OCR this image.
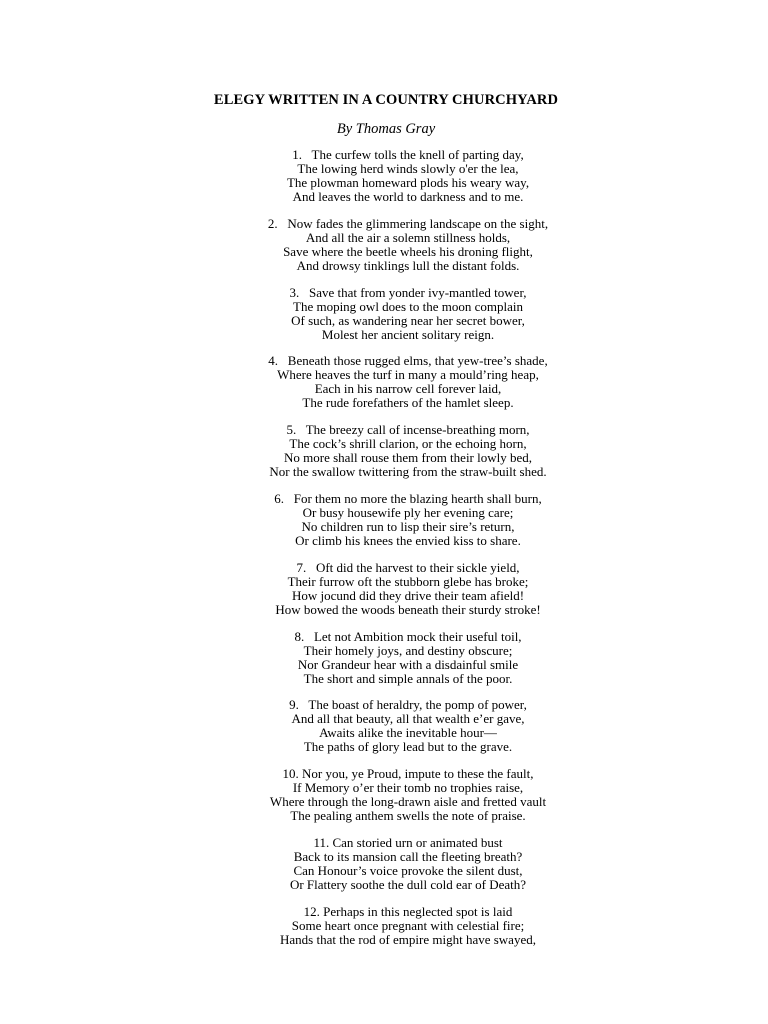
ELEGY WRITTEN IN A COUNTRY CHURCHYARD
By Thomas Gray
1.   The curfew tolls the knell of parting day,
The lowing herd winds slowly o'er the lea,
The plowman homeward plods his weary way,
And leaves the world to darkness and to me.
2.   Now fades the glimmering landscape on the sight,
And all the air a solemn stillness holds,
Save where the beetle wheels his droning flight,
And drowsy tinklings lull the distant folds.
3.   Save that from yonder ivy-mantled tower,
The moping owl does to the moon complain
Of such, as wandering near her secret bower,
Molest her ancient solitary reign.
4.   Beneath those rugged elms, that yew-tree’s shade,
Where heaves the turf in many a mould’ring heap,
Each in his narrow cell forever laid,
The rude forefathers of the hamlet sleep.
5.   The breezy call of incense-breathing morn,
The cock’s shrill clarion, or the echoing horn,
No more shall rouse them from their lowly bed,
Nor the swallow twittering from the straw-built shed.
6.   For them no more the blazing hearth shall burn,
Or busy housewife ply her evening care;
No children run to lisp their sire’s return,
Or climb his knees the envied kiss to share.
7.   Oft did the harvest to their sickle yield,
Their furrow oft the stubborn glebe has broke;
How jocund did they drive their team afield!
How bowed the woods beneath their sturdy stroke!
8.   Let not Ambition mock their useful toil,
Their homely joys, and destiny obscure;
Nor Grandeur hear with a disdainful smile
The short and simple annals of the poor.
9.   The boast of heraldry, the pomp of power,
And all that beauty, all that wealth e’er gave,
Awaits alike the inevitable hour—
The paths of glory lead but to the grave.
10. Nor you, ye Proud, impute to these the fault,
If Memory o’er their tomb no trophies raise,
Where through the long-drawn aisle and fretted vault
The pealing anthem swells the note of praise.
11. Can storied urn or animated bust
Back to its mansion call the fleeting breath?
Can Honour’s voice provoke the silent dust,
Or Flattery soothe the dull cold ear of Death?
12. Perhaps in this neglected spot is laid
Some heart once pregnant with celestial fire;
Hands that the rod of empire might have swayed,
